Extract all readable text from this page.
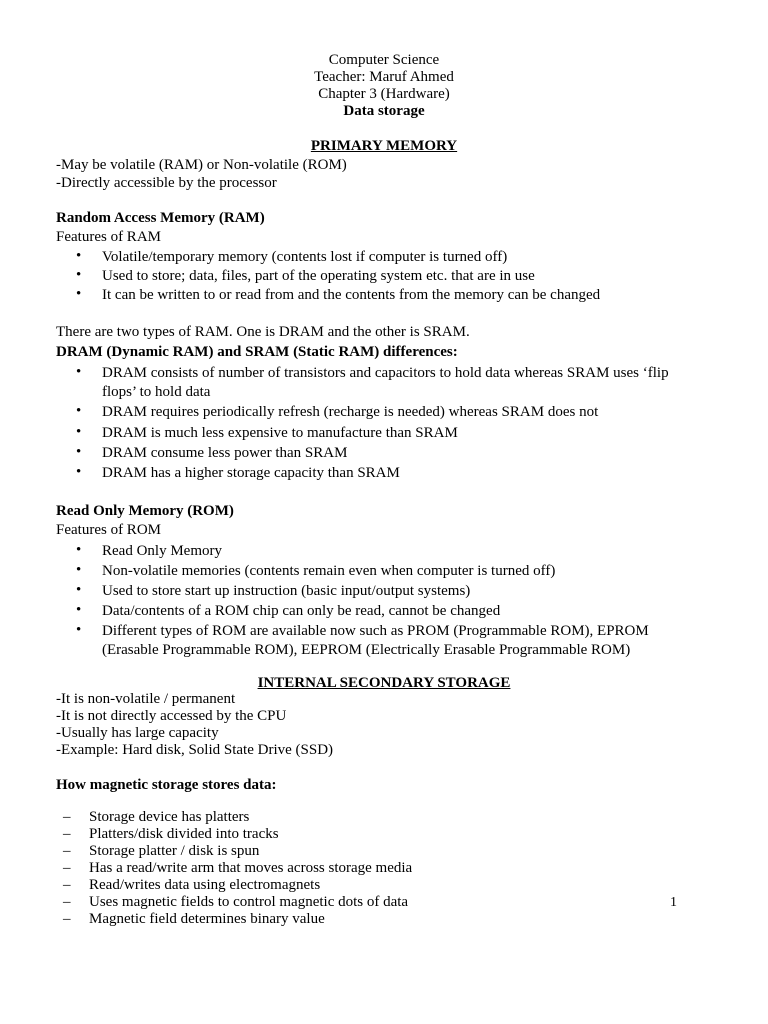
Computer Science
Teacher: Maruf Ahmed
Chapter 3 (Hardware)
Data storage
PRIMARY MEMORY
-May be volatile (RAM) or Non-volatile (ROM)
-Directly accessible by the processor
Random Access Memory (RAM)
Features of RAM
• Volatile/temporary memory (contents lost if computer is turned off)
• Used to store; data, files, part of the operating system etc. that are in use
• It can be written to or read from and the contents from the memory can be changed
There are two types of RAM. One is DRAM and the other is SRAM.
DRAM (Dynamic RAM) and SRAM (Static RAM) differences:
• DRAM consists of number of transistors and capacitors to hold data whereas SRAM uses ‘flip flops’ to hold data
• DRAM requires periodically refresh (recharge is needed) whereas SRAM does not
• DRAM is much less expensive to manufacture than SRAM
• DRAM consume less power than SRAM
• DRAM has a higher storage capacity than SRAM
Read Only Memory (ROM)
Features of ROM
• Read Only Memory
• Non-volatile memories (contents remain even when computer is turned off)
• Used to store start up instruction (basic input/output systems)
• Data/contents of a ROM chip can only be read, cannot be changed
• Different types of ROM are available now such as PROM (Programmable ROM), EPROM (Erasable Programmable ROM), EEPROM (Electrically Erasable Programmable ROM)
INTERNAL SECONDARY STORAGE
-It is non-volatile / permanent
-It is not directly accessed by the CPU
-Usually has large capacity
-Example: Hard disk, Solid State Drive (SSD)
How magnetic storage stores data:
– Storage device has platters
– Platters/disk divided into tracks
– Storage platter / disk is spun
– Has a read/write arm that moves across storage media
– Read/writes data using electromagnets
– Uses magnetic fields to control magnetic dots of data
– Magnetic field determines binary value
1
